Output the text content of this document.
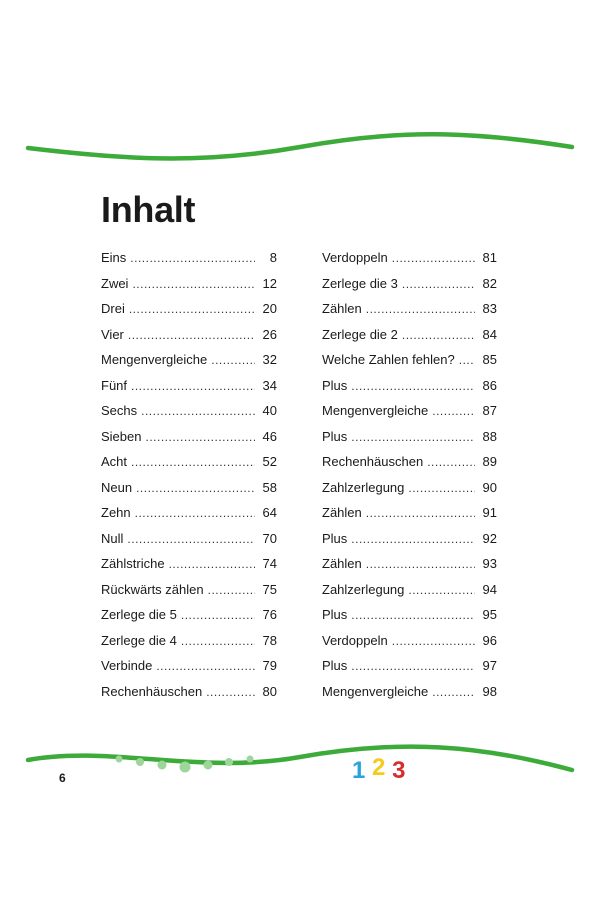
Inhalt
Eins .....	8
Zwei .....	12
Drei .....	20
Vier .....	26
Mengenvergleiche .....	32
Fünf .....	34
Sechs .....	40
Sieben .....	46
Acht .....	52
Neun .....	58
Zehn .....	64
Null .....	70
Zählstriche .....	74
Rückwärts zählen .....	75
Zerlege die 5 .....	76
Zerlege die 4 .....	78
Verbinde .....	79
Rechenhäuschen .....	80
Verdoppeln .....	81
Zerlege die 3 .....	82
Zählen .....	83
Zerlege die 2 .....	84
Welche Zahlen fehlen? .....	85
Plus .....	86
Mengenvergleiche .....	87
Plus .....	88
Rechenhäuschen .....	89
Zahlzerlegung .....	90
Zählen .....	91
Plus .....	92
Zählen .....	93
Zahlzerlegung .....	94
Plus .....	95
Verdoppeln .....	96
Plus .....	97
Mengenvergleiche .....	98
6	1 2 3
